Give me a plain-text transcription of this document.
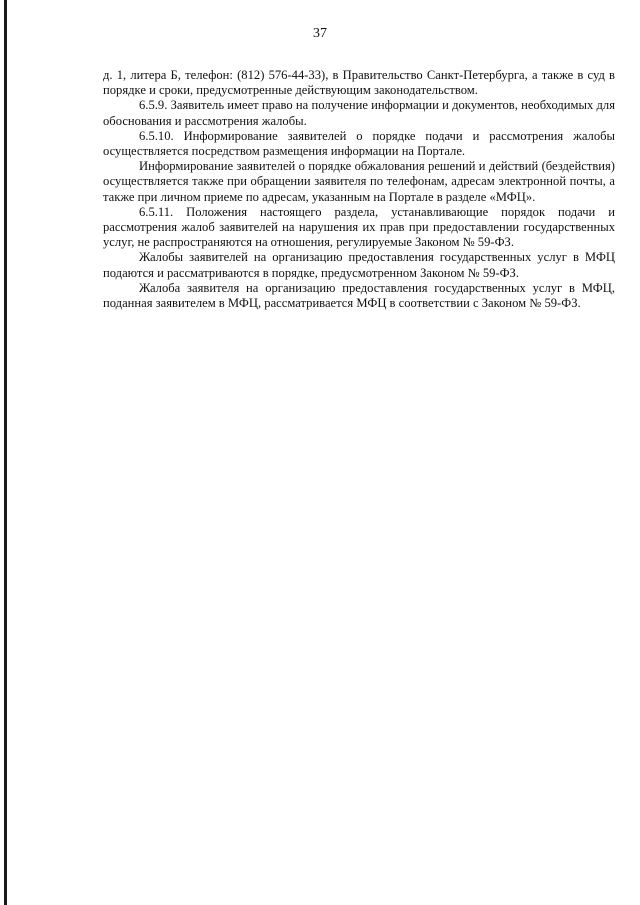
37

д. 1, литера Б, телефон: (812) 576-44-33), в Правительство Санкт-Петербурга, а также в суд в порядке и сроки, предусмотренные действующим законодательством.

6.5.9. Заявитель имеет право на получение информации и документов, необходимых для обоснования и рассмотрения жалобы.

6.5.10. Информирование заявителей о порядке подачи и рассмотрения жалобы осуществляется посредством размещения информации на Портале.

Информирование заявителей о порядке обжалования решений и действий (бездействия) осуществляется также при обращении заявителя по телефонам, адресам электронной почты, а также при личном приеме по адресам, указанным на Портале в разделе «МФЦ».

6.5.11. Положения настоящего раздела, устанавливающие порядок подачи и рассмотрения жалоб заявителей на нарушения их прав при предоставлении государственных услуг, не распространяются на отношения, регулируемые Законом № 59-ФЗ.

Жалобы заявителей на организацию предоставления государственных услуг в МФЦ подаются и рассматриваются в порядке, предусмотренном Законом № 59-ФЗ.

Жалоба заявителя на организацию предоставления государственных услуг в МФЦ, поданная заявителем в МФЦ, рассматривается МФЦ в соответствии с Законом № 59-ФЗ.
